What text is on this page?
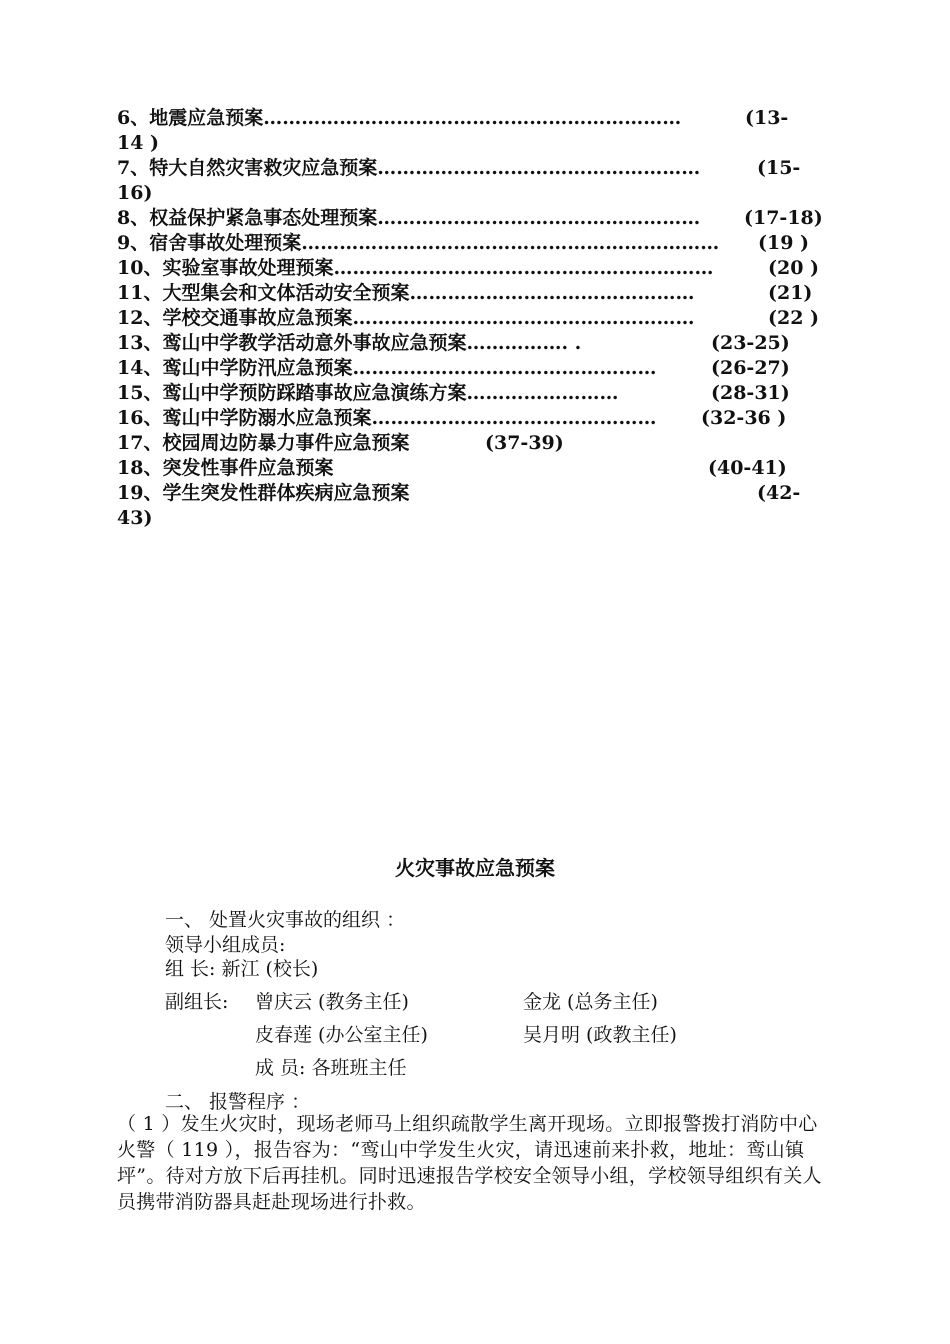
6、地震应急预案…………………………………………………………	(13-
14 )
7、特大自然灾害救灾应急预案……………………………………………	(15-
16)
8、权益保护紧急事态处理预案…………………………………………… (17-18)
9、宿舍事故处理预案………………………………………………………… (19 )
10、实验室事故处理预案……………………………………………………	(20 )
11、大型集会和文体活动安全预案………………………………………	(21)
12、学校交通事故应急预案………………………………………………	(22 )
13、鸾山中学教学活动意外事故应急预案……………. .	(23-25)
14、鸾山中学防汛应急预案…………………………………………	(26-27)
15、鸾山中学预防踩踏事故应急演练方案……………………	(28-31)
16、鸾山中学防溺水应急预案……………………………………… (32-36 )
17、校园周边防暴力事件应急预案	(37-39)
18、突发性事件应急预案	(40-41)
19、学生突发性群体疾病应急预案	(42-
43)
火灾事故应急预案
一、 处置火灾事故的组织 ：
领导小组成员:
组 长: 新江 (校长)
副组长: 曾庆云 (教务主任)	金龙 (总务主任)
皮春莲 (办公室主任)	吴月明 (政教主任)
成 员: 各班班主任
二、 报警程序 ：
（ 1 ）发生火灾时，现场老师马上组织疏散学生离开现场。立即报警拨打消防中心火警（ 119 ），报告容为：“鸾山中学发生火灾，请迅速前来扑救，地址：鸾山镇坪”。待对方放下后再挂机。同时迅速报告学校安全领导小组，学校领导组织有关人员携带消防器具赶赴现场进行扑救。
